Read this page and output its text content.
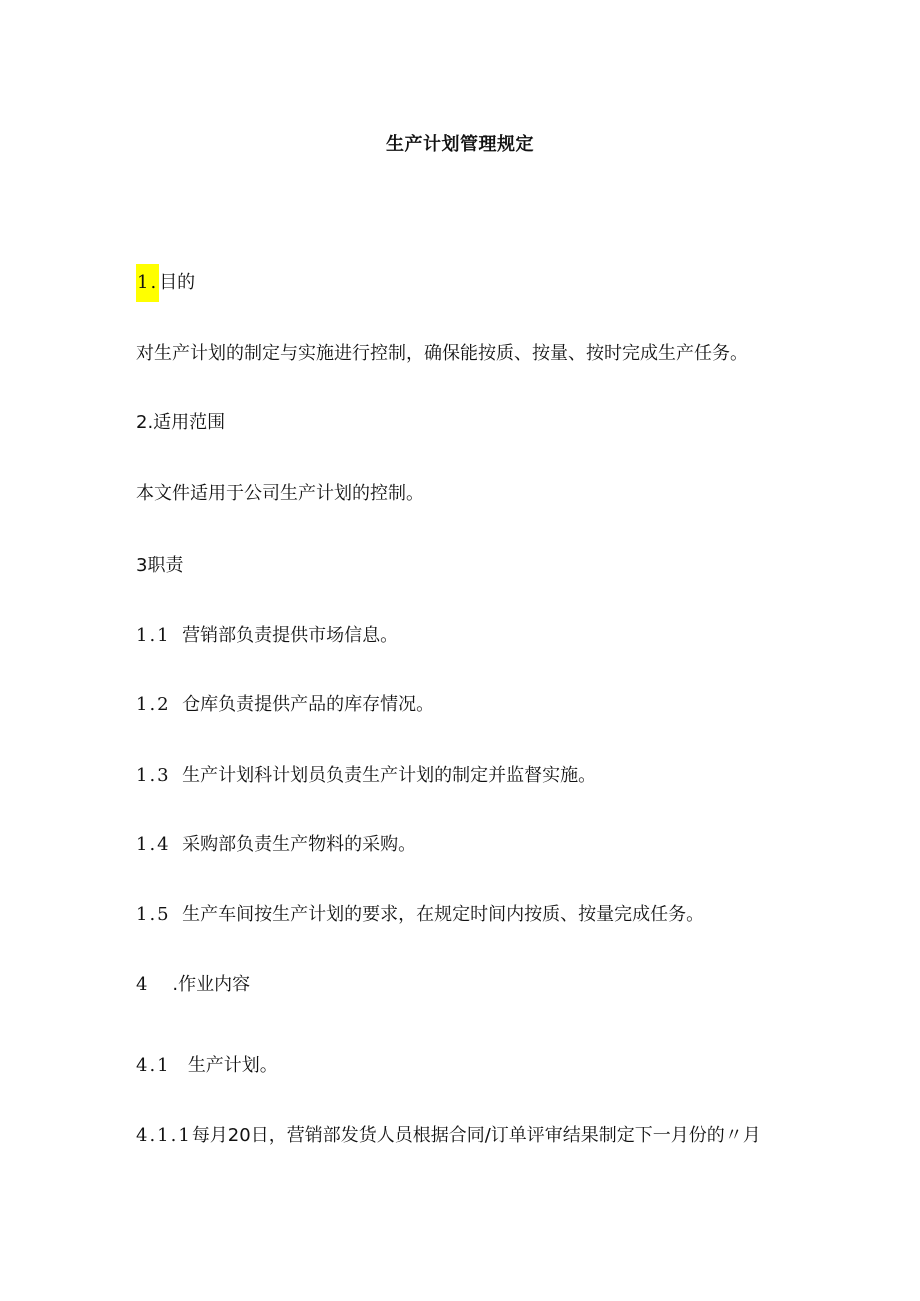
生产计划管理规定
1.目的
对生产计划的制定与实施进行控制，确保能按质、按量、按时完成生产任务。
2.适用范围
本文件适用于公司生产计划的控制。
3职责
1.1 营销部负责提供市场信息。
1.2 仓库负责提供产品的库存情况。
1.3 生产计划科计划员负责生产计划的制定并监督实施。
1.4 采购部负责生产物料的采购。
1.5 生产车间按生产计划的要求，在规定时间内按质、按量完成任务。
4 .作业内容
4.1 生产计划。
4.1.1每月20日，营销部发货人员根据合同/订单评审结果制定下一月份的〃月
